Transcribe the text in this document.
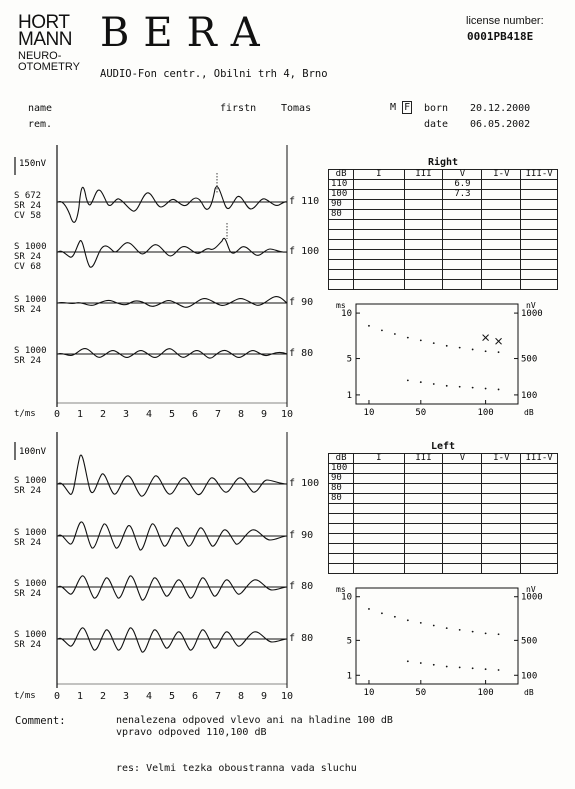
HORT
MANN
NEURO-
OTOMETRY
BERA	license number:
0001PB418E
AUDIO-Fon centr., Obilni trh 4, Brno
name
rem.
firstn Tomas	M F born 20.12.2000
date 06.05.2002
150nV
S 672
SR 24
CV 58
S 1000
SR 24
CV 68
S 1000
SR 24
S 1000
SR 24
f 110
f 100
f 90
f 80
t/ms 0 1 2 3 4 5 6 7 8 9 10
100nV
S 1000
SR 24
S 1000
SR 24
S 1000
SR 24
S 1000
SR 24
f 100
f 90
f 80
f 80
t/ms 0 1 2 3 4 5 6 7 8 9 10
Right
dB	I	III	V	I-V	III-V
110			6.9		
100			7.3		
90					
80					

1
5
10
100
500
1000
10	50	100
ms	nV
dB
Left
dB	I	III	V	I-V	III-V
100					
90					
80					
80					

1
5
10
100
500
1000
10	50	100
ms	nV
dB
Comment:	nenalezena odpoved vlevo ani na hladine 100 dB
vpravo odpoved 110,100 dB
res: Velmi tezka oboustranna vada sluchu
